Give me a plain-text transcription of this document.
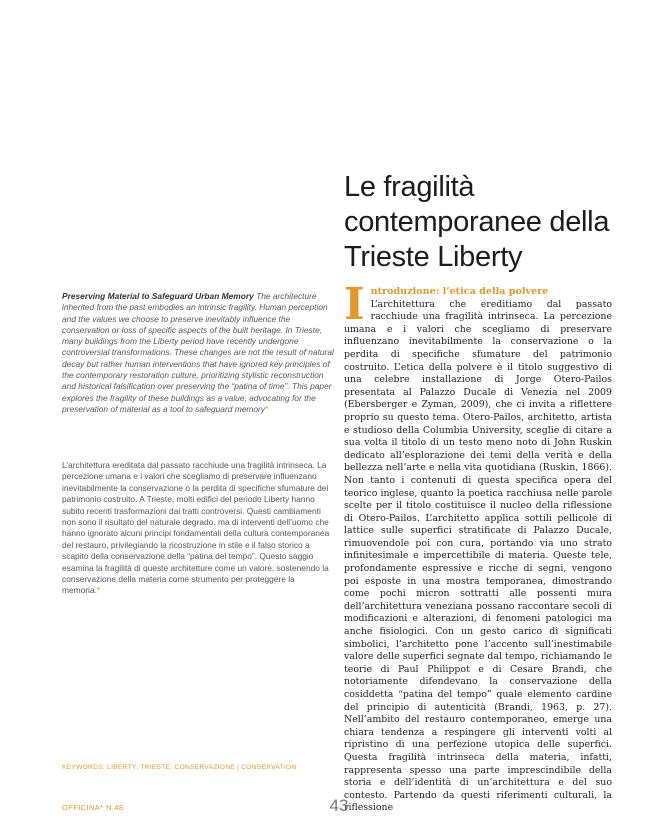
Le fragilità
contemporanee della
Trieste Liberty
Preserving Material to Safeguard Urban Memory The architecture inherited from the past embodies an intrinsic fragility. Human perception and the values we choose to preserve inevitably influence the conservation or loss of specific aspects of the built heritage. In Trieste, many buildings from the Liberty period have recently undergone controversial transformations. These changes are not the result of natural decay but rather human interventions that have ignored key principles of the contemporary restoration culture, prioritizing stylistic reconstruction and historical falsification over preserving the “patina of time”. This paper explores the fragility of these buildings as a value, advocating for the preservation of material as a tool to safeguard memory*
L’architettura ereditata dal passato racchiude una fragilità intrinseca. La percezione umana e i valori che scegliamo di preservare influenzano inevitabilmente la conservazione o la perdita di specifiche sfumature del patrimonio costruito. A Trieste, molti edifici del periodo Liberty hanno subito recenti trasformazioni dai tratti controversi. Questi cambiamenti non sono il risultato del naturale degrado, ma di interventi dell’uomo che hanno ignorato alcuni principi fondamentali della cultura contemporanea del restauro, privilegiando la ricostruzione in stile e il falso storico a scapito della conservazione della “patina del tempo”. Questo saggio esamina la fragilità di queste architetture come un valore, sostenendo la conservazione della materia come strumento per proteggere la memoria.*
KEYWORDS: LIBERTY; TRIESTE; CONSERVAZIONE | CONSERVATION
I ntroduzione: l’etica della polvere
L’architettura che ereditiamo dal passato racchiude una fragilità intrinseca. La percezione umana e i valori che scegliamo di preservare influenzano inevitabilmente la conservazione o la perdita di specifiche sfumature del patrimonio costruito. L’etica della polvere è il titolo suggestivo di una celebre installazione di Jorge Otero-Pailos presentata al Palazzo Ducale di Venezia nel 2009 (Ebersberger e Zyman, 2009), che ci invita a riflettere proprio su questo tema. Otero-Pailos, architetto, artista e studioso della Columbia University, sceglie di citare a sua volta il titolo di un testo meno noto di John Ruskin dedicato all’esplorazione dei temi della verità e della bellezza nell’arte e nella vita quotidiana (Ruskin, 1866). Non tanto i contenuti di questa specifica opera del teorico inglese, quanto la poetica racchiusa nelle parole scelte per il titolo costituisce il nucleo della riflessione di Otero-Pailos. L’architetto applica sottili pellicole di lattice sulle superfici stratificate di Palazzo Ducale, rimuovendole poi con cura, portando via uno strato infinitesimale e impercettibile di materia. Queste tele, profondamente espressive e ricche di segni, vengono poi esposte in una mostra temporanea, dimostrando come pochi micron sottratti alle possenti mura dell’architettura veneziana possano raccontare secoli di modificazioni e alterazioni, di fenomeni patologici ma anche fisiologici. Con un gesto carico di significati simbolici, l’architetto pone l’accento sull’inestimabile valore delle superfici segnate dal tempo, richiamando le teorie di Paul Philippot e di Cesare Brandi, che notoriamente difendevano la conservazione della cosiddetta “patina del tempo” quale elemento cardine del principio di autenticità (Brandi, 1963, p. 27). Nell’ambito del restauro contemporaneo, emerge una chiara tendenza a respingere gli interventi volti al ripristino di una perfezione utopica delle superfici. Questa fragilità intrinseca della materia, infatti, rappresenta spesso una parte imprescindibile della storia e dell’identità di un’architettura e del suo contesto. Partendo da questi riferimenti culturali, la riflessione
OFFICINA* N.48	43
